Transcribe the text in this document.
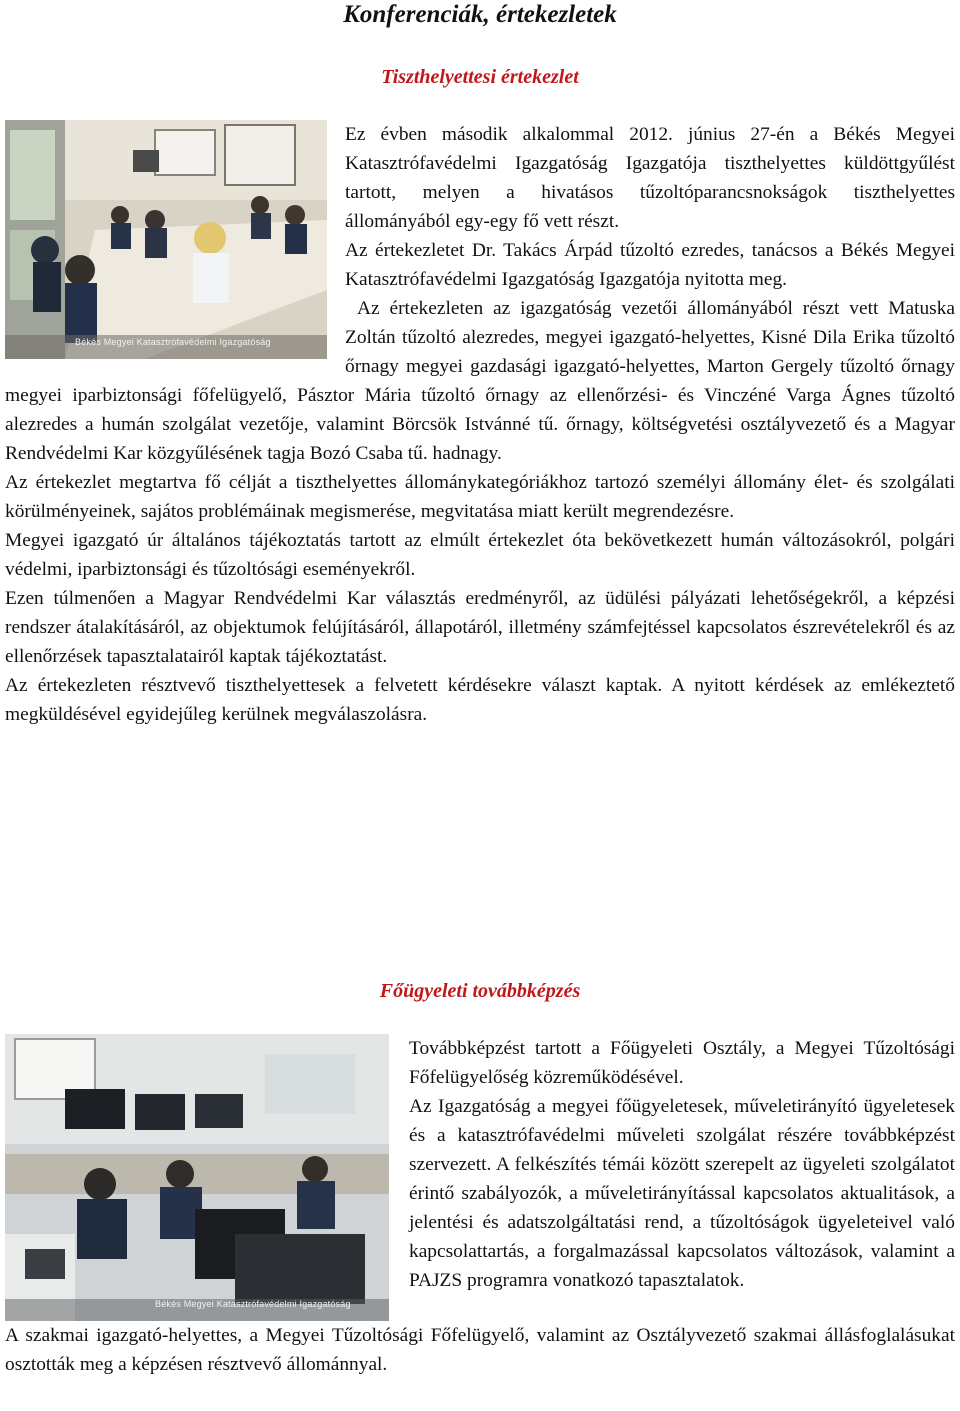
Konferenciák, értekezletek
Tiszthelyettesi értekezlet
Békés Megyei Katasztrófavédelmi Igazgatóság

Ez évben második alkalommal 2012. június 27-én a Békés Megyei Katasztrófavédelmi Igazgatóság Igazgatója tiszthelyettes küldöttgyűlést tartott, melyen a hivatásos tűzoltóparancsnokságok tiszthelyettes állományából egy-egy fő vett részt.

Az értekezletet Dr. Takács Árpád tűzoltó ezredes, tanácsos a Békés Megyei Katasztrófavédelmi Igazgatóság Igazgatója nyitotta meg.

Az értekezleten az igazgatóság vezetői állományából részt vett Matuska Zoltán tűzoltó alezredes, megyei igazgató-helyettes, Kisné Dila Erika tűzoltó őrnagy megyei gazdasági igazgató-helyettes, Marton Gergely tűzoltó őrnagy megyei iparbiztonsági főfelügyelő, Pásztor Mária tűzoltó őrnagy az ellenőrzési- és Vinczéné Varga Ágnes tűzoltó alezredes a humán szolgálat vezetője, valamint Börcsök Istvánné tű. őrnagy, költségvetési osztályvezető és a Magyar Rendvédelmi Kar közgyűlésének tagja Bozó Csaba tű. hadnagy.

Az értekezlet megtartva fő célját a tiszthelyettes állománykategóriákhoz tartozó személyi állomány élet- és szolgálati körülményeinek, sajátos problémáinak megismerése, megvitatása miatt került megrendezésre.

Megyei igazgató úr általános tájékoztatás tartott az elmúlt értekezlet óta bekövetkezett humán változásokról, polgári védelmi, iparbiztonsági és tűzoltósági eseményekről.

Ezen túlmenően a Magyar Rendvédelmi Kar választás eredményről, az üdülési pályázati lehetőségekről, a képzési rendszer átalakításáról, az objektumok felújításáról, állapotáról, illetmény számfejtéssel kapcsolatos észrevételekről és az ellenőrzések tapasztalatairól kaptak tájékoztatást.

Az értekezleten résztvevő tiszthelyettesek a felvetett kérdésekre választ kaptak. A nyitott kérdések az emlékeztető megküldésével egyidejűleg kerülnek megválaszolásra.

Főügyeleti továbbképzés
Békés Megyei Katasztrófavédelmi Igazgatóság

Továbbképzést tartott a Főügyeleti Osztály, a Megyei Tűzoltósági Főfelügyelőség közreműködésével.

Az Igazgatóság a megyei főügyeletesek, műveletirányító ügyeletesek és a katasztrófavédelmi műveleti szolgálat részére továbbképzést szervezett. A felkészítés témái között szerepelt az ügyeleti szolgálatot érintő szabályozók, a műveletirányítással kapcsolatos aktualitások, a jelentési és adatszolgáltatási rend, a tűzoltóságok ügyeleteivel való kapcsolattartás, a forgalmazással kapcsolatos változások, valamint a PAJZS programra vonatkozó tapasztalatok.

A szakmai igazgató-helyettes, a Megyei Tűzoltósági Főfelügyelő, valamint az Osztályvezető szakmai állásfoglalásukat osztották meg a képzésen résztvevő állománnyal.
